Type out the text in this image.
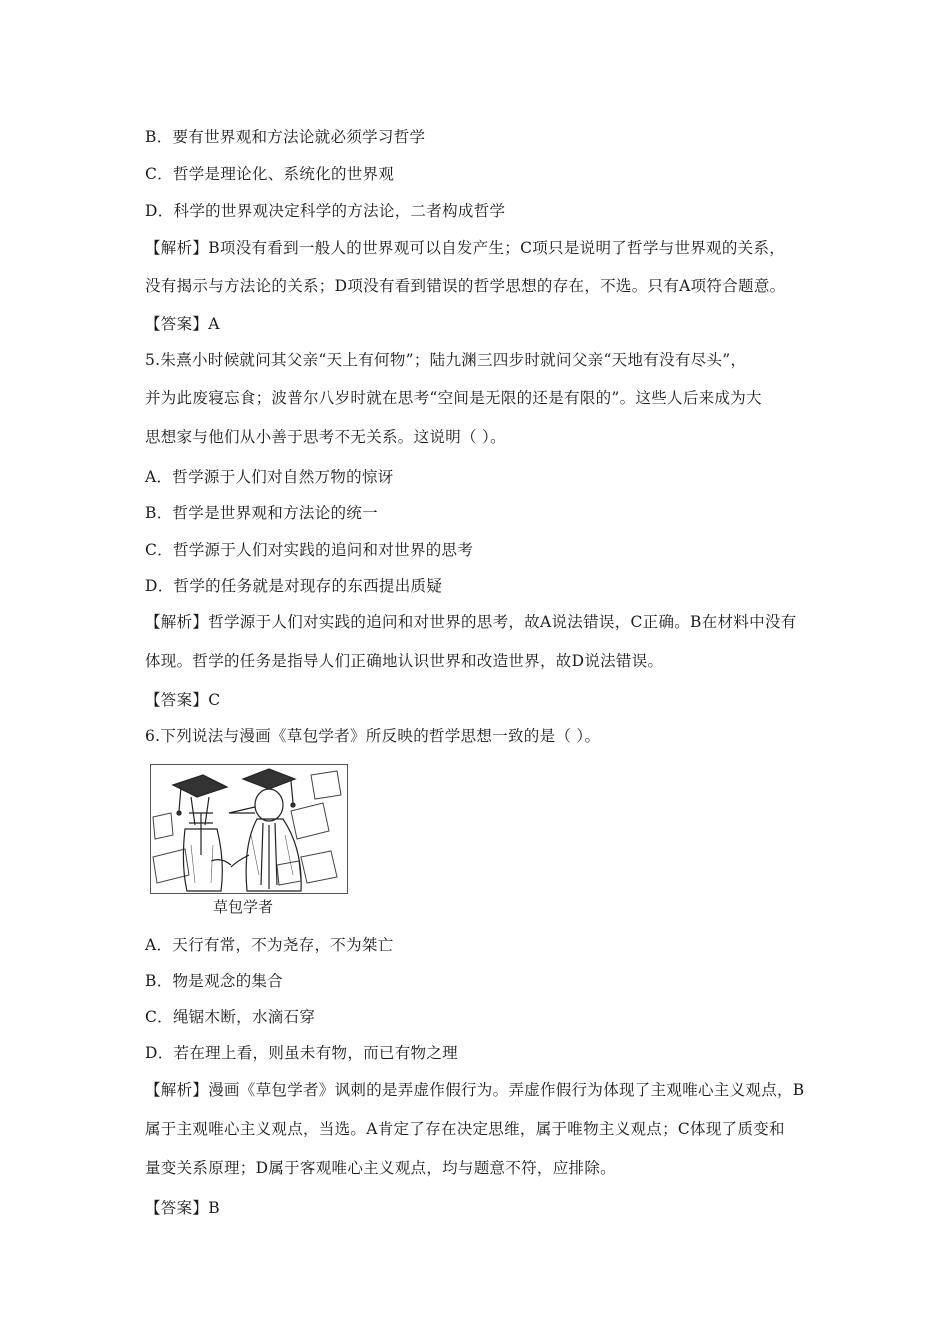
B．要有世界观和方法论就必须学习哲学
C．哲学是理论化、系统化的世界观
D．科学的世界观决定科学的方法论，二者构成哲学
【解析】B项没有看到一般人的世界观可以自发产生；C项只是说明了哲学与世界观的关系，
没有揭示与方法论的关系；D项没有看到错误的哲学思想的存在，不选。只有A项符合题意。
【答案】A
5.朱熹小时候就问其父亲“天上有何物”；陆九渊三四步时就问父亲“天地有没有尽头”，
并为此废寝忘食；波普尔八岁时就在思考“空间是无限的还是有限的”。这些人后来成为大
思想家与他们从小善于思考不无关系。这说明（ ）。
A．哲学源于人们对自然万物的惊讶
B．哲学是世界观和方法论的统一
C．哲学源于人们对实践的追问和对世界的思考
D．哲学的任务就是对现存的东西提出质疑
【解析】哲学源于人们对实践的追问和对世界的思考，故A说法错误，C正确。B在材料中没有
体现。哲学的任务是指导人们正确地认识世界和改造世界，故D说法错误。
【答案】C
6.下列说法与漫画《草包学者》所反映的哲学思想一致的是（ ）。
草包学者
A．天行有常，不为尧存，不为桀亡
B．物是观念的集合
C．绳锯木断，水滴石穿
D．若在理上看，则虽未有物，而已有物之理
【解析】漫画《草包学者》讽刺的是弄虚作假行为。弄虚作假行为体现了主观唯心主义观点，B
属于主观唯心主义观点，当选。A肯定了存在决定思维，属于唯物主义观点；C体现了质变和
量变关系原理；D属于客观唯心主义观点，均与题意不符，应排除。
【答案】B
